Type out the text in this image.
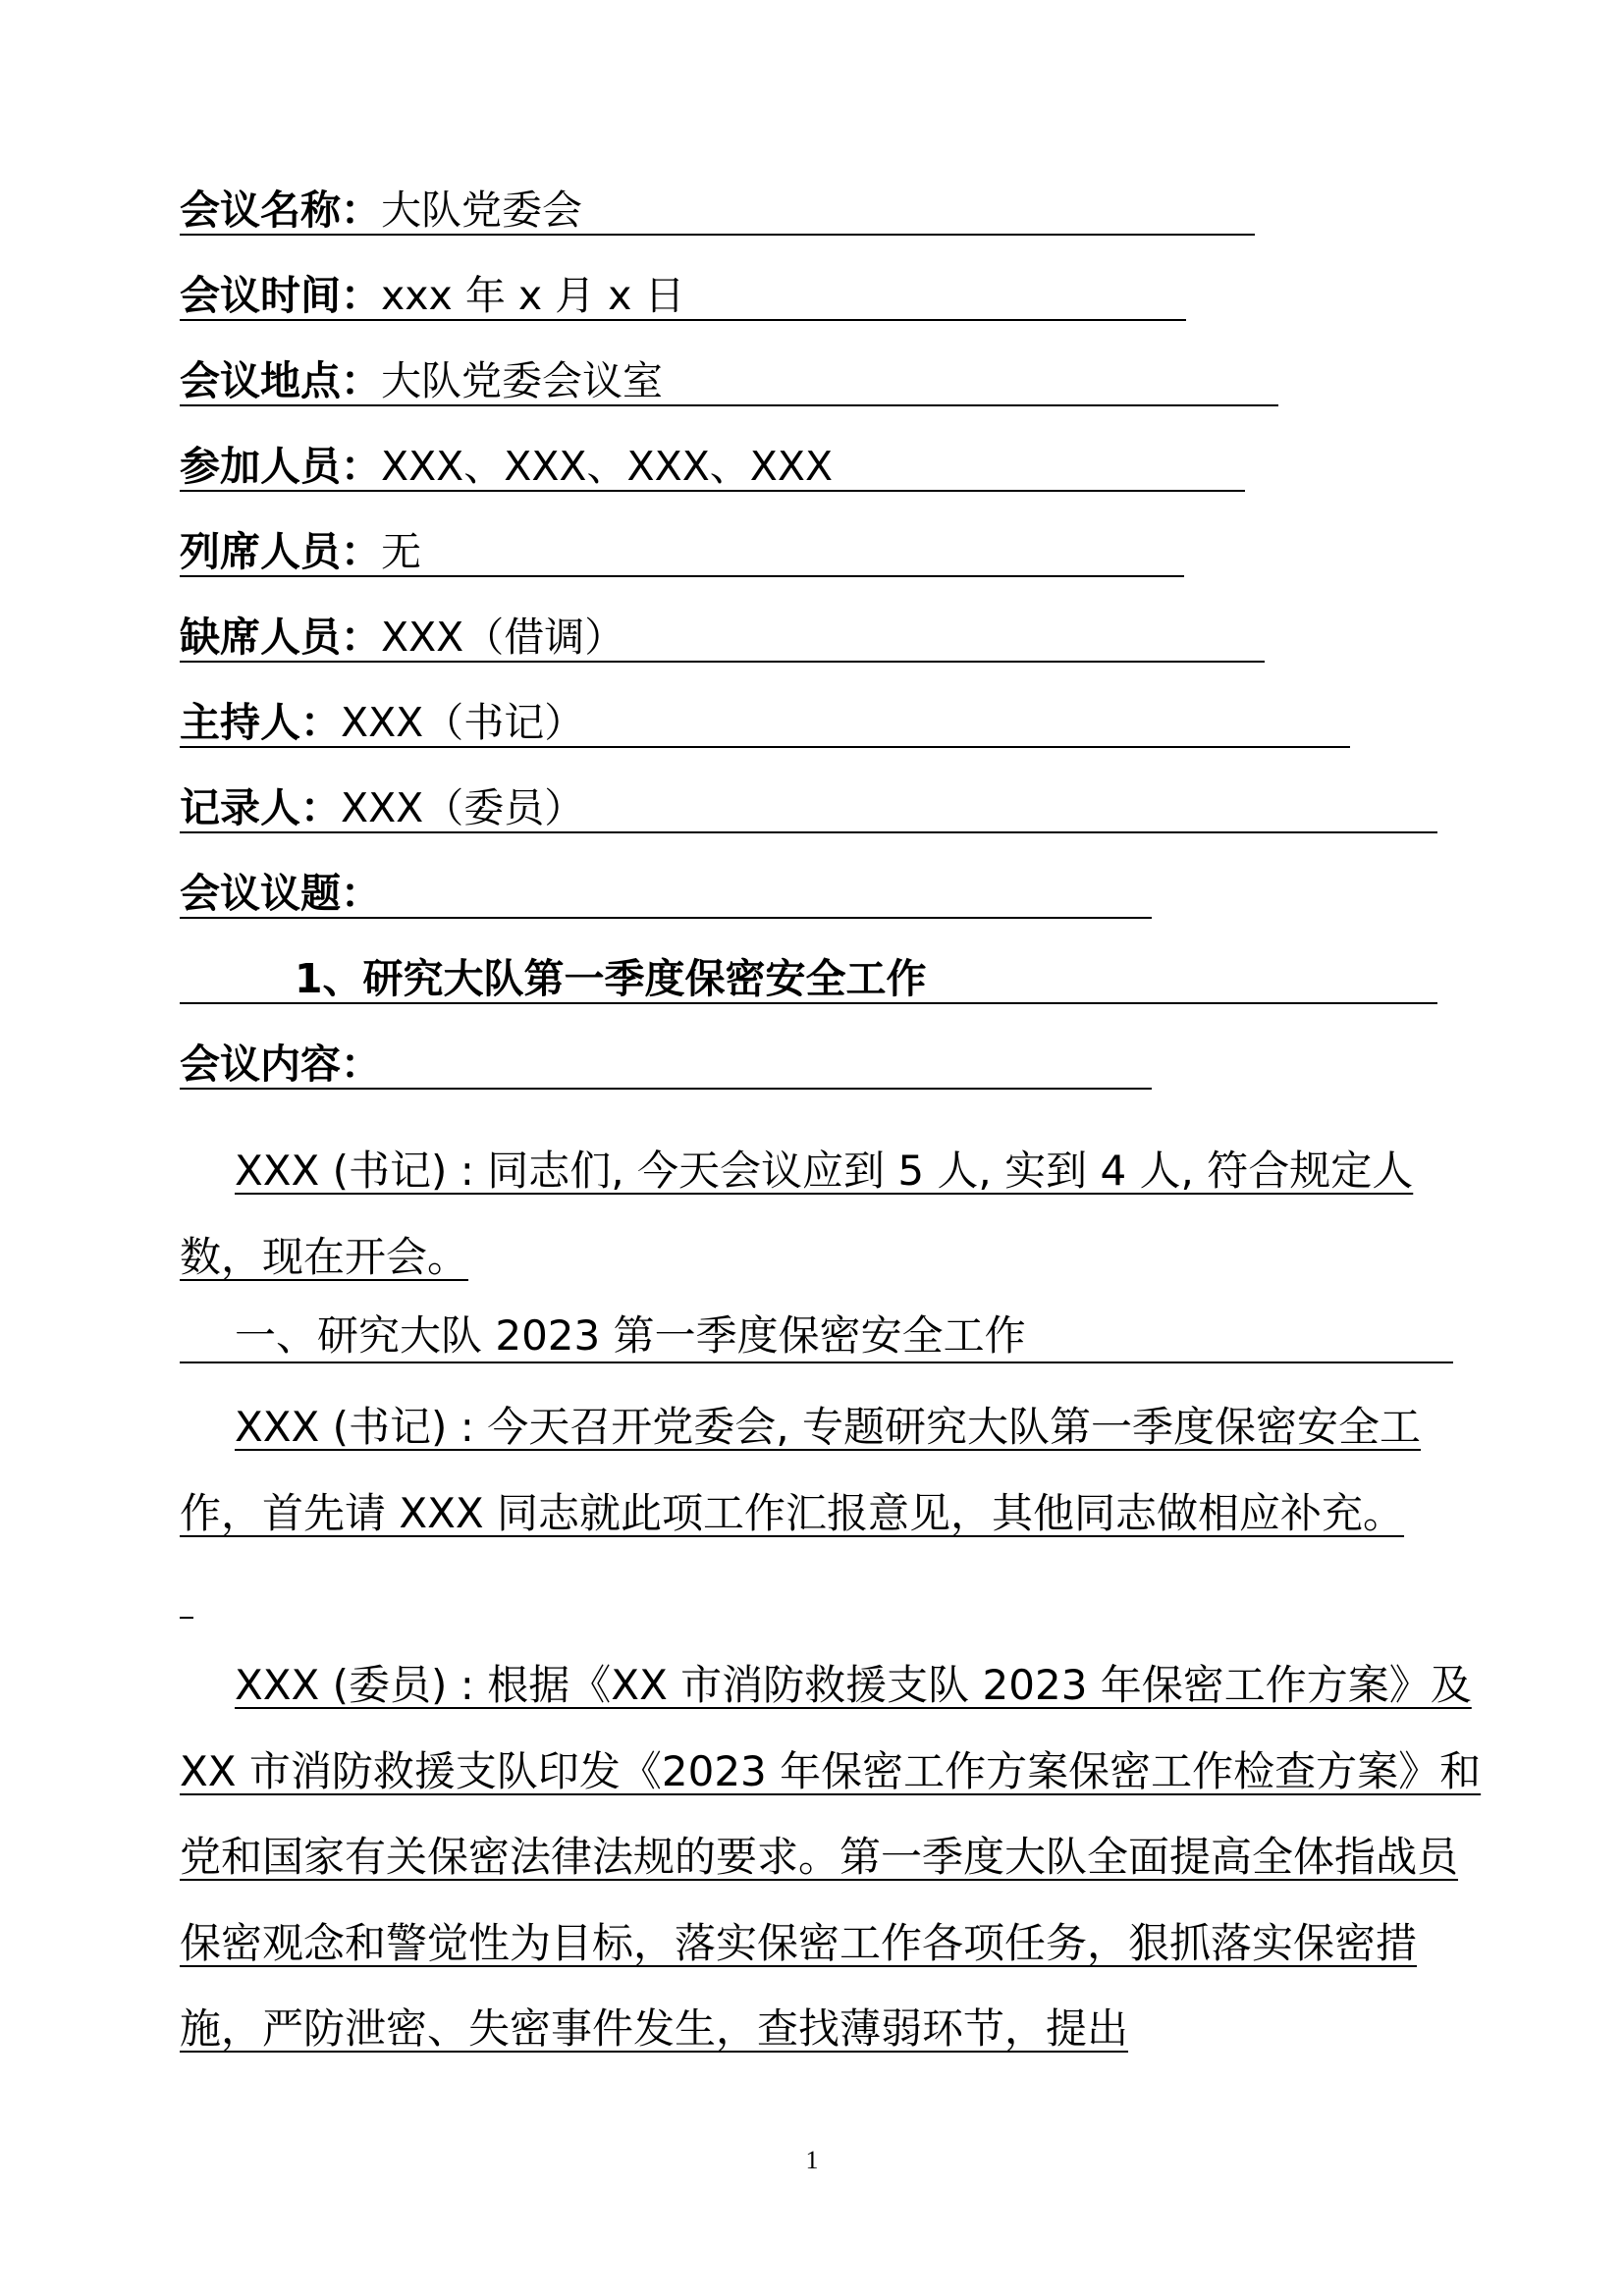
会议名称：大队党委会
会议时间：xxx 年 x 月 x 日
会议地点：大队党委会议室
参加人员：XXX、XXX、XXX、XXX
列席人员：无
缺席人员：XXX（借调）
主持人：XXX（书记）
记录人：XXX（委员）
会议议题：
1、研究大队第一季度保密安全工作
会议内容：
XXX (书记) : 同志们, 今天会议应到 5 人, 实到 4 人, 符合规定人数，现在开会。
一、研究大队 2023 第一季度保密安全工作
XXX (书记) : 今天召开党委会, 专题研究大队第一季度保密安全工作，首先请 XXX 同志就此项工作汇报意见，其他同志做相应补充。
XXX (委员) : 根据《XX 市消防救援支队 2023 年保密工作方案》及 XX 市消防救援支队印发《2023 年保密工作方案保密工作检查方案》和党和国家有关保密法律法规的要求。第一季度大队全面提高全体指战员保密观念和警觉性为目标，落实保密工作各项任务，狠抓落实保密措施，严防泄密、失密事件发生，查找薄弱环节，提出
1
